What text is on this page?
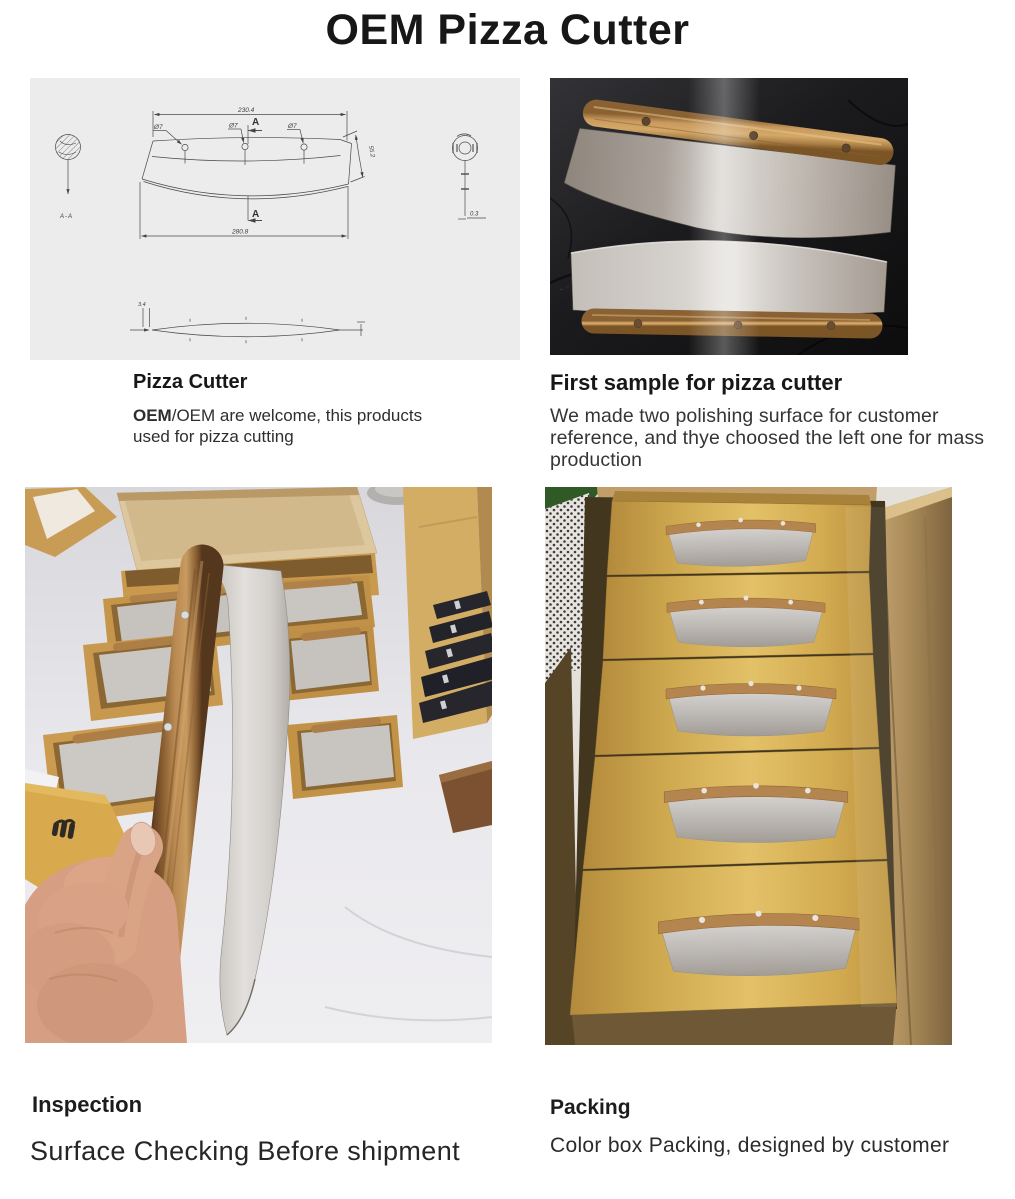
OEM Pizza Cutter
A-A	0.3
Ø7	Ø7	Ø7
A
A
230.4
280.8
55.2
3.4
Pizza Cutter

OEM/OEM are welcome, this products used for pizza cutting

First sample for pizza cutter

We made two polishing surface for customer reference, and thye choosed the left one for mass production

Inspection
Surface Checking Before shipment
Packing
Color box Packing, designed by customer
